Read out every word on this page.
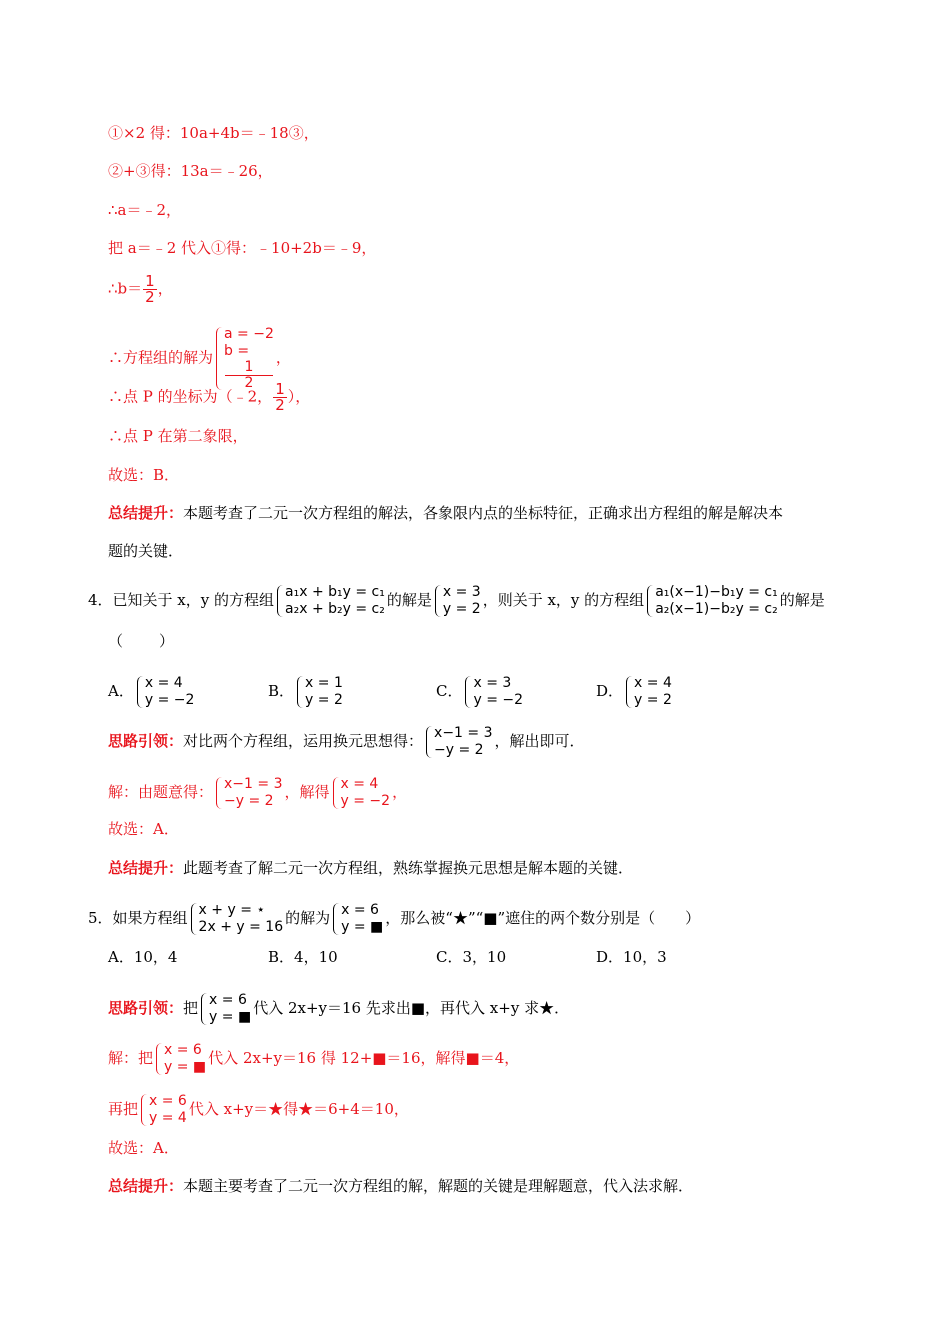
①×2 得：10a+4b＝﹣18③，
②+③得：13a＝﹣26，
∴a＝﹣2，
把 a＝﹣2 代入①得：﹣10+2b＝﹣9，
∴b＝ $\frac{1}{2}$ ，
∴方程组的解为
a = −2
b =
1
2
，
∴点 P 的坐标为（﹣2， $\frac{1}{2}$ ），
∴点 P 在第二象限，
故选：B．
总结提升：本题考查了二元一次方程组的解法，各象限内点的坐标特征，正确求出方程组的解是解决本
题的关键．
4．已知关于 x，y 的方程组 a₁x + b₁y = c₁
a₂x + b₂y = c₂ 的解是 x = 3
y = 2 ，则关于 x，y 的方程组 a₁(x−1)−b₁y = c₁
a₂(x−1)−b₂y = c₂ 的解是
（　　）
A． x = 4
y = −2	B． x = 1
y = 2	C． x = 3
y = −2	D． x = 4
y = 2
思路引领：对比两个方程组，运用换元思想得： x−1 = 3
−y = 2 ，解出即可．
解：由题意得： x−1 = 3
−y = 2 ，解得 x = 4
y = −2 ，
故选：A．
总结提升：此题考查了解二元一次方程组，熟练掌握换元思想是解本题的关键．
5．如果方程组 x + y = ⋆
2x + y = 16 的解为 x = 6
y = ■ ，那么被“★”“■”遮住的两个数分别是（　　）
A．10，4	B．4，10	C．3，10	D．10，3
思路引领：把 x = 6
y = ■ 代入 2x+y＝16 先求出■，再代入 x+y 求★．
解：把 x = 6
y = ■ 代入 2x+y＝16 得 12+■＝16，解得■＝4，
再把 x = 6
y = 4 代入 x+y＝★得★＝6+4＝10，
故选：A．
总结提升：本题主要考查了二元一次方程组的解，解题的关键是理解题意，代入法求解．
